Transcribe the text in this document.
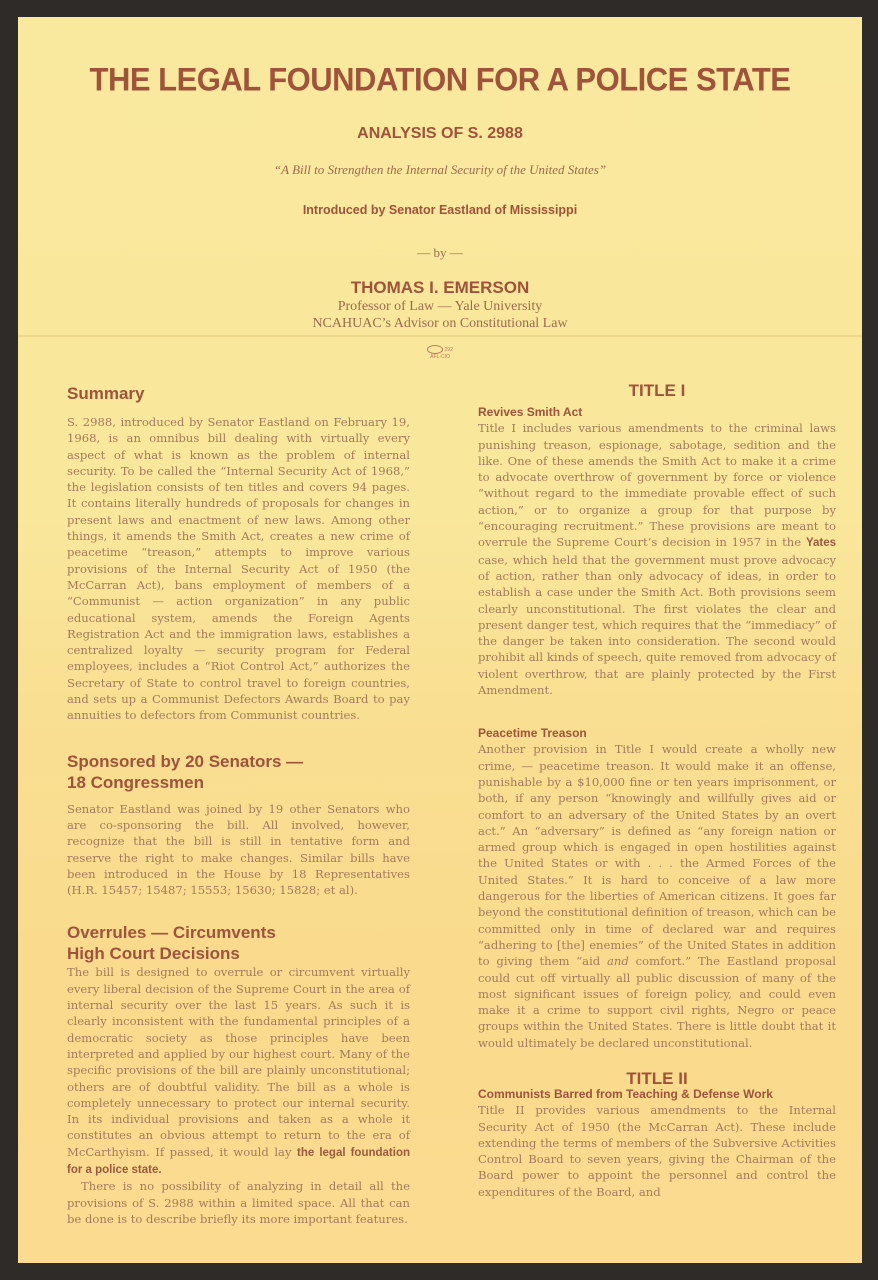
THE LEGAL FOUNDATION FOR A POLICE STATE
ANALYSIS OF S. 2988
“A Bill to Strengthen the Internal Security of the United States”
Introduced by Senator Eastland of Mississippi
— by —
THOMAS I. EMERSON
Professor of Law — Yale University
NCAHUAC’s Advisor on Constitutional Law
292
AFL-CIO
Summary

S. 2988, introduced by Senator Eastland on February 19, 1968, is an omnibus bill dealing with virtually every aspect of what is known as the problem of internal security. To be called the “Internal Security Act of 1968,” the legislation consists of ten titles and covers 94 pages. It contains literally hundreds of proposals for changes in present laws and enactment of new laws. Among other things, it amends the Smith Act, creates a new crime of peacetime “treason,” attempts to improve various provisions of the Internal Security Act of 1950 (the McCarran Act), bans employment of members of a “Communist — action organization” in any public educational system, amends the Foreign Agents Registration Act and the immigration laws, establishes a centralized loyalty — security program for Federal employees, includes a “Riot Control Act,” authorizes the Secretary of State to control travel to foreign countries, and sets up a Communist Defectors Awards Board to pay annuities to defectors from Communist countries.

Sponsored by 20 Senators —
18 Congressmen

Senator Eastland was joined by 19 other Senators who are co-sponsoring the bill. All involved, however, recognize that the bill is still in tentative form and reserve the right to make changes. Similar bills have been introduced in the House by 18 Representatives (H.R. 15457; 15487; 15553; 15630; 15828; et al).

Overrules — Circumvents
High Court Decisions

The bill is designed to overrule or circumvent virtually every liberal decision of the Supreme Court in the area of internal security over the last 15 years. As such it is clearly inconsistent with the fundamental principles of a democratic society as those principles have been interpreted and applied by our highest court. Many of the specific provisions of the bill are plainly unconstitutional; others are of doubtful validity. The bill as a whole is completely unnecessary to protect our internal security. In its individual provisions and taken as a whole it constitutes an obvious attempt to return to the era of McCarthyism. If passed, it would lay the legal foundation for a police state.

There is no possibility of analyzing in detail all the provisions of S. 2988 within a limited space. All that can be done is to describe briefly its more important features.

TITLE I
Revives Smith Act

Title I includes various amendments to the criminal laws punishing treason, espionage, sabotage, sedition and the like. One of these amends the Smith Act to make it a crime to advocate overthrow of government by force or violence “without regard to the immediate provable effect of such action,” or to organize a group for that purpose by “encouraging recruitment.” These provisions are meant to overrule the Supreme Court’s decision in 1957 in the Yates case, which held that the government must prove advocacy of action, rather than only advocacy of ideas, in order to establish a case under the Smith Act. Both provisions seem clearly unconstitutional. The first violates the clear and present danger test, which requires that the “immediacy” of the danger be taken into consideration. The second would prohibit all kinds of speech, quite removed from advocacy of violent overthrow, that are plainly protected by the First Amendment.

Peacetime Treason

Another provision in Title I would create a wholly new crime, — peacetime treason. It would make it an offense, punishable by a $10,000 fine or ten years imprisonment, or both, if any person “knowingly and willfully gives aid or comfort to an adversary of the United States by an overt act.” An “adversary” is defined as “any foreign nation or armed group which is engaged in open hostilities against the United States or with . . . the Armed Forces of the United States.” It is hard to conceive of a law more dangerous for the liberties of American citizens. It goes far beyond the constitutional definition of treason, which can be committed only in time of declared war and requires “adhering to [the] enemies” of the United States in addition to giving them “aid and comfort.” The Eastland proposal could cut off virtually all public discussion of many of the most significant issues of foreign policy, and could even make it a crime to support civil rights, Negro or peace groups within the United States. There is little doubt that it would ultimately be declared unconstitutional.

TITLE II
Communists Barred from Teaching & Defense Work

Title II provides various amendments to the Internal Security Act of 1950 (the McCarran Act). These include extending the terms of members of the Subversive Activities Control Board to seven years, giving the Chairman of the Board power to appoint the personnel and control the expenditures of the Board, and
